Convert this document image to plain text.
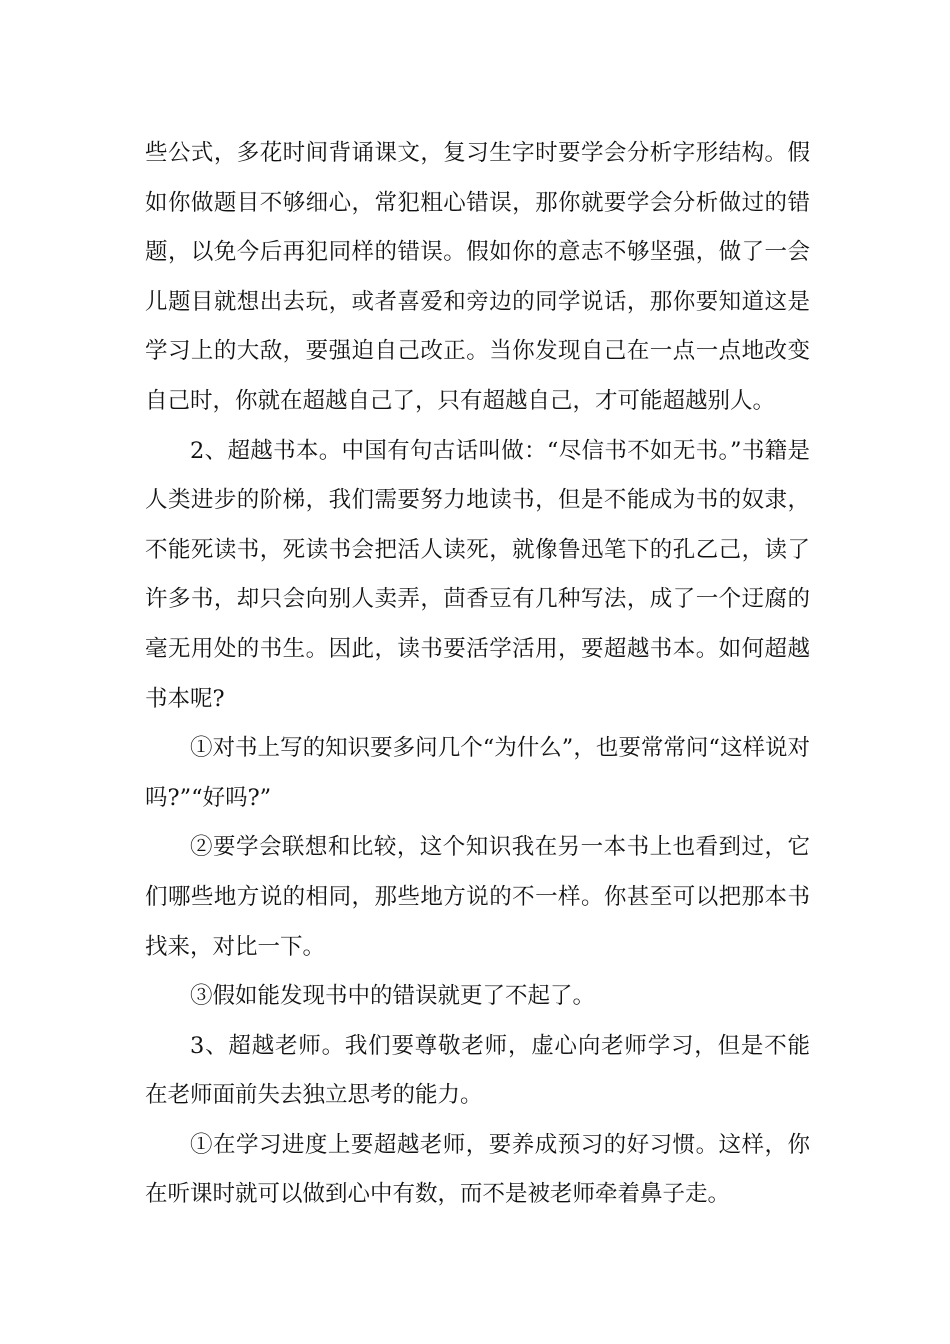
些公式，多花时间背诵课文，复习生字时要学会分析字形结构。假如你做题目不够细心，常犯粗心错误，那你就要学会分析做过的错题，以免今后再犯同样的错误。假如你的意志不够坚强，做了一会儿题目就想出去玩，或者喜爱和旁边的同学说话，那你要知道这是学习上的大敌，要强迫自己改正。当你发现自己在一点一点地改变自己时，你就在超越自己了，只有超越自己，才可能超越别人。

2、超越书本。中国有句古话叫做：“尽信书不如无书。”书籍是人类进步的阶梯，我们需要努力地读书，但是不能成为书的奴隶，不能死读书，死读书会把活人读死，就像鲁迅笔下的孔乙己，读了许多书，却只会向别人卖弄，茴香豆有几种写法，成了一个迂腐的毫无用处的书生。因此，读书要活学活用，要超越书本。如何超越书本呢?

①对书上写的知识要多问几个“为什么”，也要常常问“这样说对吗?”“好吗?”

②要学会联想和比较，这个知识我在另一本书上也看到过，它们哪些地方说的相同，那些地方说的不一样。你甚至可以把那本书找来，对比一下。

③假如能发现书中的错误就更了不起了。

3、超越老师。我们要尊敬老师，虚心向老师学习，但是不能在老师面前失去独立思考的能力。

①在学习进度上要超越老师，要养成预习的好习惯。这样，你在听课时就可以做到心中有数，而不是被老师牵着鼻子走。
